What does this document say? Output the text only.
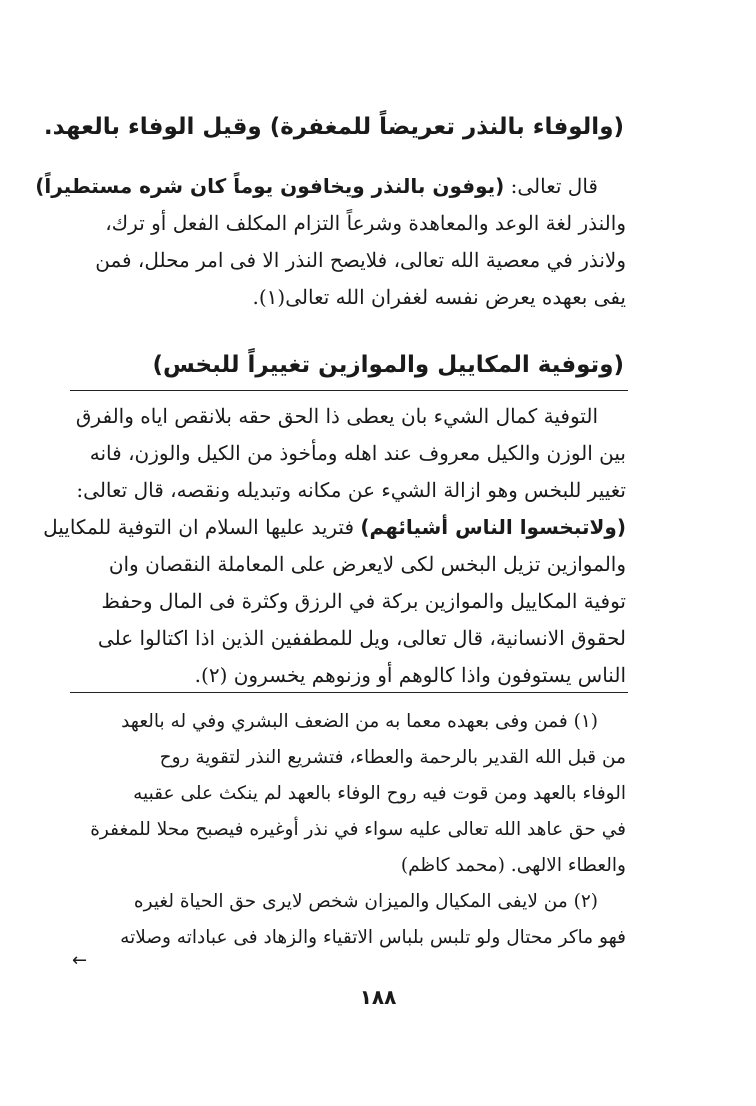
(والوفاء بالنذر تعريضاً للمغفرة) وقيل الوفاء بالعهد.

قال تعالى: (يوفون بالنذر ويخافون يوماً كان شره مستطيراً)

والنذر لغة الوعد والمعاهدة وشرعاً التزام المكلف الفعل أو ترك،

ولانذر في معصية الله تعالى، فلايصح النذر الا فى امر محلل، فمن

يفى بعهده يعرض نفسه لغفران الله تعالى(١).

(وتوفية المكاييل والموازين تغييراً للبخس)

التوفية كمال الشيء بان يعطى ذا الحق حقه بلانقص اياه والفرق

بين الوزن والكيل معروف عند اهله ومأخوذ من الكيل والوزن، فانه

تغيير للبخس وهو ازالة الشيء عن مكانه وتبديله ونقصه، قال تعالى:

(ولاتبخسوا الناس أشيائهم) فتريد عليها السلام ان التوفية للمكاييل

والموازين تزيل البخس لكى لايعرض على المعاملة النقصان وان

توفية المكاييل والموازين بركة في الرزق وكثرة فى المال وحفظ

لحقوق الانسانية، قال تعالى، ويل للمطففين الذين اذا اكتالوا على

الناس يستوفون واذا كالوهم أو وزنوهم يخسرون (٢).

(١) فمن وفى بعهده معما به من الضعف البشري وفي له بالعهد

من قبل الله القدير بالرحمة والعطاء، فتشريع النذر لتقوية روح

الوفاء بالعهد ومن قوت فيه روح الوفاء بالعهد لم ينكث على عقبيه

في حق عاهد الله تعالى عليه سواء في نذر أوغيره فيصبح محلا للمغفرة

والعطاء الالهى. (محمد كاظم)

(٢) من لايفى المكيال والميزان شخص لايرى حق الحياة لغيره

فهو ماكر محتال ولو تلبس بلباس الاتقياء والزهاد فى عباداته وصلاته

←
١٨٨
